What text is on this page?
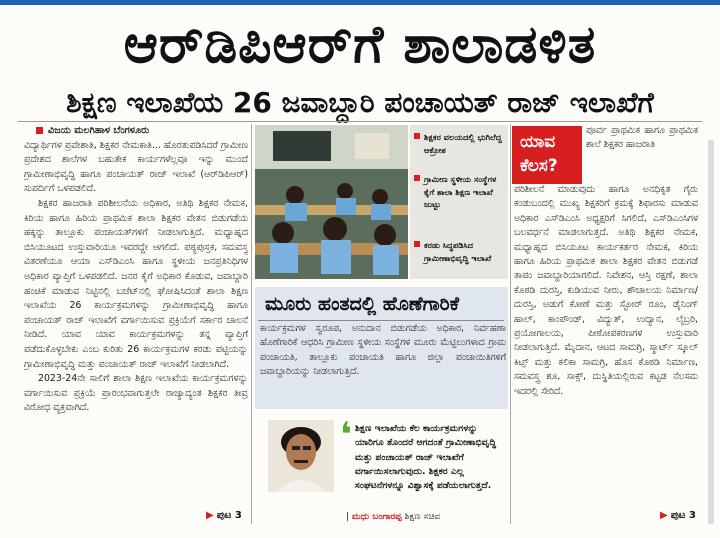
ಆರ್‌ಡಿಪಿಆರ್‌ಗೆ ಶಾಲಾಡಳಿತ
ಶಿಕ್ಷಣ ಇಲಾಖೆಯ 26 ಜವಾಬ್ದಾರಿ ಪಂಚಾಯತ್ ರಾಜ್ ಇಲಾಖೆಗೆ
ವಿಜಯ ಮಲಗಿಹಾಳ ಬೆಂಗಳೂರು

ವಿದ್ಯಾರ್ಥಿಗಳ ಪ್ರವೇಶಾತಿ, ಶಿಕ್ಷಕರ ನೇಮಕಾತಿ... ಹೊರತುಪಡಿಸಿದರೆ ಗ್ರಾಮೀಣ ಪ್ರದೇಶದ ಶಾಲೆಗಳ ಬಹುತೇಕ ಕಾರ್ಯಗಳೆಲ್ಲವೂ ಇನ್ನು ಮುಂದೆ ಗ್ರಾಮೀಣಾಭಿವೃದ್ಧಿ ಹಾಗೂ ಪಂಚಾಯತ್ ರಾಜ್ ಇಲಾಖೆ (ಆರ್‌ಡಿಪಿಆರ್) ಸುಪರ್ದಿಗೆ ಒಳಪಡಲಿದೆ.

ಶಿಕ್ಷಕರ ಹಾಜರಾತಿ ಪರಿಶೀಲನೆಯ ಅಧಿಕಾರ, ಅತಿಥಿ ಶಿಕ್ಷಕರ ನೇಮಕ, ಕಿರಿಯ ಹಾಗೂ ಹಿರಿಯ ಪ್ರಾಥಮಿಕ ಶಾಲಾ ಶಿಕ್ಷಕರ ವೇತನ ಬಿಡುಗಡೆಯ ಹಕ್ಕನ್ನು ತಾಲ್ಲೂಕು ಪಂಚಾಯತ್‌ಗಳಿಗೆ ನೀಡಲಾಗುತ್ತಿದೆ. ಮಧ್ಯಾಹ್ನದ ಬಿಸಿಯೂಟದ ಉಸ್ತುವಾರಿಯೂ ಇವರದ್ದೇ ಆಗಲಿದೆ. ಪಠ್ಯಪುಸ್ತಕ, ಸಮವಸ್ತ್ರ ವಿತರಣೆಯೂ ಆಯಾ ಎಸ್‌ಡಿಎಂಸಿ ಹಾಗೂ ಸ್ಥಳೀಯ ಜನಪ್ರತಿನಿಧಿಗಳ ಅಧಿಕಾರ ವ್ಯಾಪ್ತಿಗೆ ಒಳಪಡಲಿದೆ. ಜನರ ಕೈಗೆ ಅಧಿಕಾರ ಕೊಡುವ, ಜವಾಬ್ದಾರಿ ಹಂಚಿಕೆ ಮಾಡುವ ನಿಟ್ಟಿನಲ್ಲಿ ಬಜೆಟ್‌ನಲ್ಲಿ ಘೋಷಿಸಿದಂತೆ ಶಾಲಾ ಶಿಕ್ಷಣ ಇಲಾಖೆಯ 26 ಕಾರ್ಯಕ್ರಮಗಳನ್ನು ಗ್ರಾಮೀಣಾಭಿವೃದ್ಧಿ ಹಾಗೂ ಪಂಚಾಯತ್ ರಾಜ್ ಇಲಾಖೆಗೆ ವರ್ಗಾಯಿಸುವ ಪ್ರಕ್ರಿಯೆಗೆ ಸರ್ಕಾರ ಚಾಲನೆ ನೀಡಿದೆ. ಯಾವ ಯಾವ ಕಾರ್ಯಕ್ರಮಗಳನ್ನು ತನ್ನ ವ್ಯಾಪ್ತಿಗೆ ಪಡೆದುಕೊಳ್ಳಬೇಕು ಎಂಬ ಕುರಿತು 26 ಕಾರ್ಯಕ್ರಮಗಳ ಕರಡು ಪಟ್ಟಿಯನ್ನು ಗ್ರಾಮೀಣಾಭಿವೃದ್ಧಿ ಮತ್ತು ಪಂಚಾಯತ್ ರಾಜ್ ಇಲಾಖೆಗೆ ನೀಡಲಾಗಿದೆ.

2023-24ನೇ ಸಾಲಿಗೆ ಶಾಲಾ ಶಿಕ್ಷಣ ಇಲಾಖೆಯ ಕಾರ್ಯಕ್ರಮಗಳನ್ನು ವರ್ಗಾಯಿಸುವ ಪ್ರಕ್ರಿಯೆ ಪ್ರಾರಂಭವಾಗುತ್ತಲೇ ರಾಜ್ಯಾದ್ಯಂತ ಶಿಕ್ಷಕರ ತೀವ್ರ ವಿರೋಧ ವ್ಯಕ್ತವಾಗಿದೆ.

▶ ಪುಟ 3
ಶಿಕ್ಷಕರ ವಲಯದಲ್ಲಿ ಭುಗಿಲೆದ್ದ ಆಕ್ರೋಶ
ಗ್ರಾಮೀಣ ಸ್ಥಳೀಯ ಸಂಸ್ಥೆಗಳ ಕೈಗೆ ಶಾಲಾ ಶಿಕ್ಷಣ ಇಲಾಖೆ ಜುಟ್ಟು
ಕರಡು ಸಿದ್ಧಪಡಿಸಿದ ಗ್ರಾಮೀಣಾಭಿವೃದ್ಧಿ ಇಲಾಖೆ
ಮೂರು ಹಂತದಲ್ಲಿ ಹೊಣೆಗಾರಿಕೆ

ಕಾರ್ಯಕ್ರಮಗಳ ಸ್ವರೂಪ, ಅನುದಾನ ಬಿಡುಗಡೆಯ ಅಧಿಕಾರ, ನಿರ್ವಹಣಾ ಹೊಣೆಗಾರಿಕೆ ಆಧರಿಸಿ ಗ್ರಾಮೀಣ ಸ್ಥಳೀಯ ಸಂಸ್ಥೆಗಳ ಮೂರು ಮೆಟ್ಟಿಲುಗಳಾದ ಗ್ರಾಮ ಪಂಚಾಯತಿ, ತಾಲ್ಲೂಕು ಪಂಚಾಯತಿ ಹಾಗೂ ಜಿಲ್ಲಾ ಪಂಚಾಯಿತಿಗಳಿಗೆ ಜವಾಬ್ದಾರಿಯನ್ನು ನೀಡಲಾಗುತ್ತಿದೆ.

❛ ಶಿಕ್ಷಣ ಇಲಾಖೆಯ ಕೆಲ ಕಾರ್ಯಕ್ರಮಗಳನ್ನು ಯಾರಿಗೂ ತೊಂದರೆ ಆಗದಂತೆ ಗ್ರಾಮೀಣಾಭಿವೃದ್ಧಿ ಮತ್ತು ಪಂಚಾಯತ್ ರಾಜ್ ಇಲಾಖೆಗೆ ವರ್ಗಾಯಿಸಲಾಗುವುದು. ಶಿಕ್ಷಕರ ಎಲ್ಲ ಸಂಘಟನೆಗಳನ್ನೂ ವಿಶ್ವಾಸಕ್ಕೆ ಪಡೆಯಲಾಗುತ್ತದೆ.

| ಮಧು ಬಂಗಾರಪ್ಪ ಶಿಕ್ಷಣ ಸಚಿವ
ಯಾವ
ಕೆಲಸ?

ಪೂರ್ವ ಪ್ರಾಥಮಿಕ ಹಾಗೂ ಪ್ರಾಥಮಿಕ ಶಾಲೆ ಶಿಕ್ಷಕರ ಹಾಜರಾತಿ

ಪರಿಶೀಲನೆ ಮಾಡುವುದು ಹಾಗೂ ಅನಧಿಕೃತ ಗೈರು ಕಂಡುಬಂದಲ್ಲಿ ಮುಖ್ಯ ಶಿಕ್ಷಕರಿಗೆ ಕ್ರಮಕ್ಕೆ ಶಿಫಾರಸು ಮಾಡುವ ಅಧಿಕಾರ ಎಸ್‌ಡಿಎಂಸಿ ಅಧ್ಯಕ್ಷರಿಗೆ ಸಿಗಲಿದೆ, ಎಸ್‌ಡಿಎಂಸಿಗಳ ಬಲವರ್ಧನೆ ಮಾಡಲಾಗುತ್ತದೆ. ಅತಿಥಿ ಶಿಕ್ಷಕರ ನೇಮಕ, ಮಧ್ಯಾಹ್ನದ ಬಿಸಿಯೂಟ ಕಾರ್ಯಕರ್ತರ ನೇಮಕ, ಕಿರಿಯ ಹಾಗೂ ಹಿರಿಯ ಪ್ರಾಥಮಿಕ ಶಾಲಾ ಶಿಕ್ಷಕರ ವೇತನ ಬಿಡುಗಡೆ ತಾಪಂ ಜವಾಬ್ದಾರಿಯಾಗಲಿದೆ. ನಿವೇಶನ, ಆಸ್ತಿ ರಕ್ಷಣೆ, ಶಾಲಾ ಕೊಠಡಿ ದುರಸ್ತಿ, ಕುಡಿಯುವ ನೀರು, ಶೌಚಾಲಯ ನಿರ್ಮಾಣ/ದುರಸ್ತಿ, ಅಡುಗೆ ಕೋಣೆ ಮತ್ತು ಸ್ಟೋರ್ ರೂಂ, ಡೈನಿಂಗ್ ಹಾಲ್, ಕಾಂಪೌಂಡ್, ವಿದ್ಯುತ್, ಉದ್ಯಾನ, ಲೈಬ್ರರಿ, ಪ್ರಯೋಗಾಲಯ, ಪೀಠೋಪಕರಣಗಳ ಉಸ್ತುವಾರಿ ನೀಡಲಾಗುತ್ತಿದೆ. ಮೈದಾನ, ಆಟದ ಸಾಮಗ್ರಿ, ಸ್ಮಾರ್ಟ್ ಸ್ಕೂಲ್ ಕಿಟ್ಸ್ ಮತ್ತು ಕಲಿಕಾ ಸಾಮಗ್ರಿ, ಹೊಸ ಕೊಠಡಿ ನಿರ್ಮಾಣ, ಸಮವಸ್ತ್ರ ಶೂ, ಸಾಕ್ಸ್, ದುಸ್ಥಿತಿಯಲ್ಲಿರುವ ಕಟ್ಟಡ ನೆಲಸಮ ಇದರಲ್ಲಿ ಸೇರಿದೆ.

▶ ಪುಟ 3
